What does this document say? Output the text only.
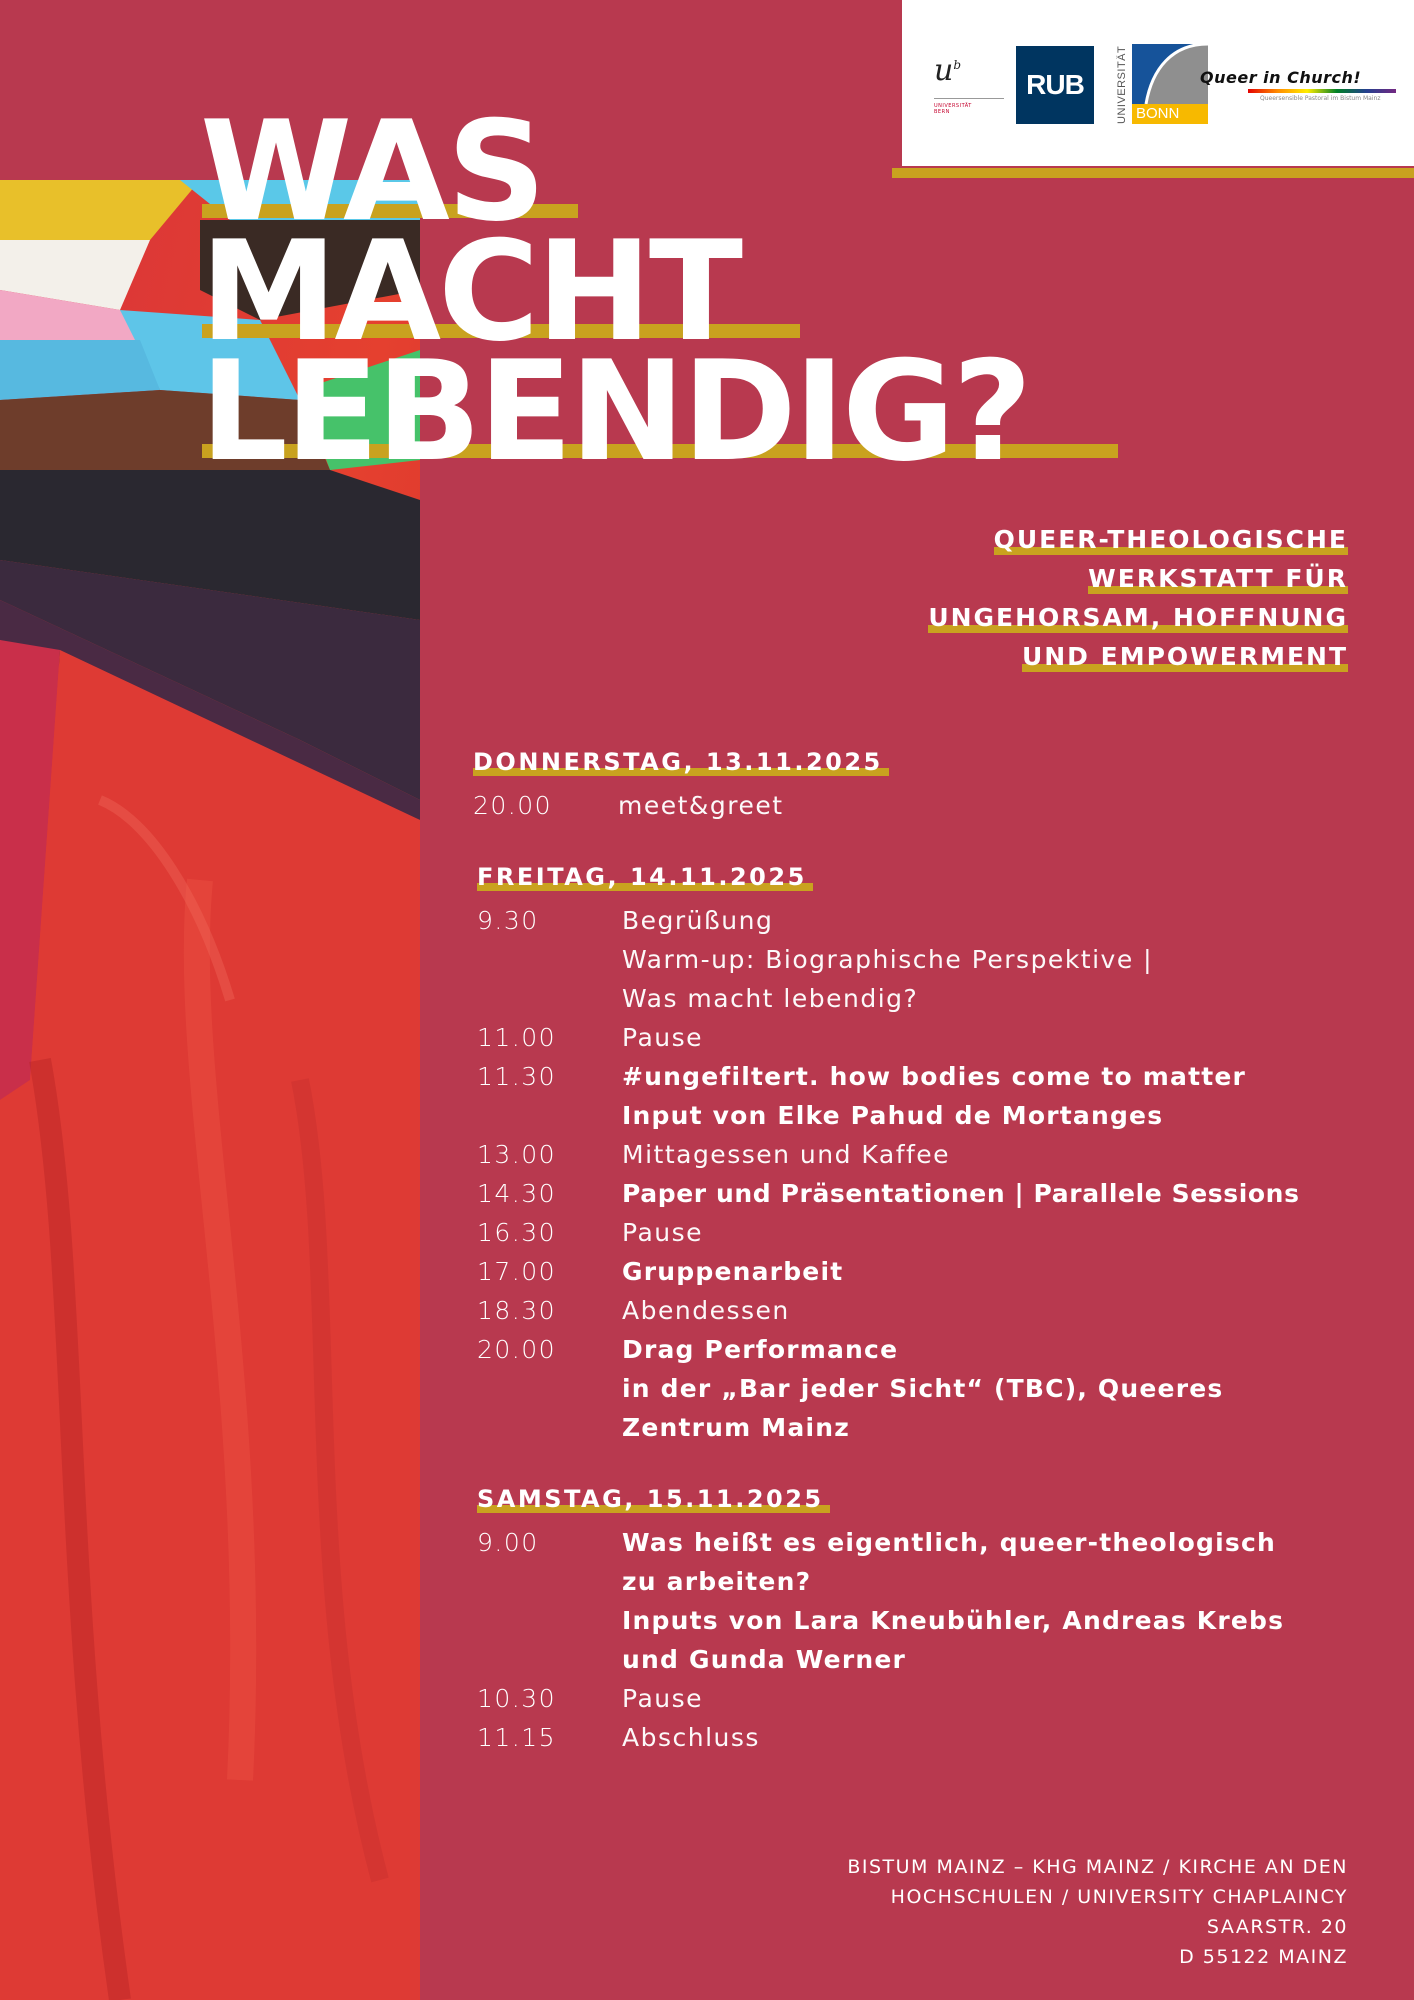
$u^b$
UNIVERSITÄT
BERN
RUB	UNIVERSITÄT BONN
Queer in Church!
Queersensible Pastoral im Bistum Mainz
WAS
MACHT
LEBENDIG?
QUEER-THEOLOGISCHE
WERKSTATT FÜR
UNGEHORSAM, HOFFNUNG
UND EMPOWERMENT
DONNERSTAG, 13.11.2025
20.00	meet&greet
FREITAG, 14.11.2025
9.30	Begrüßung
Warm-up: Biographische Perspektive |
Was macht lebendig?
11.00	Pause
11.30	#ungefiltert. how bodies come to matter
Input von Elke Pahud de Mortanges
13.00	Mittagessen und Kaffee
14.30	Paper und Präsentationen | Parallele Sessions
16.30	Pause
17.00	Gruppenarbeit
18.30	Abendessen
20.00	Drag Performance
in der „Bar jeder Sicht“ (TBC), Queeres
Zentrum Mainz
SAMSTAG, 15.11.2025
9.00	Was heißt es eigentlich, queer-theologisch
zu arbeiten?
Inputs von Lara Kneubühler, Andreas Krebs
und Gunda Werner
10.30	Pause
11.15	Abschluss
BISTUM MAINZ – KHG MAINZ / KIRCHE AN DEN
HOCHSCHULEN / UNIVERSITY CHAPLAINCY
SAARSTR. 20
D 55122 MAINZ
